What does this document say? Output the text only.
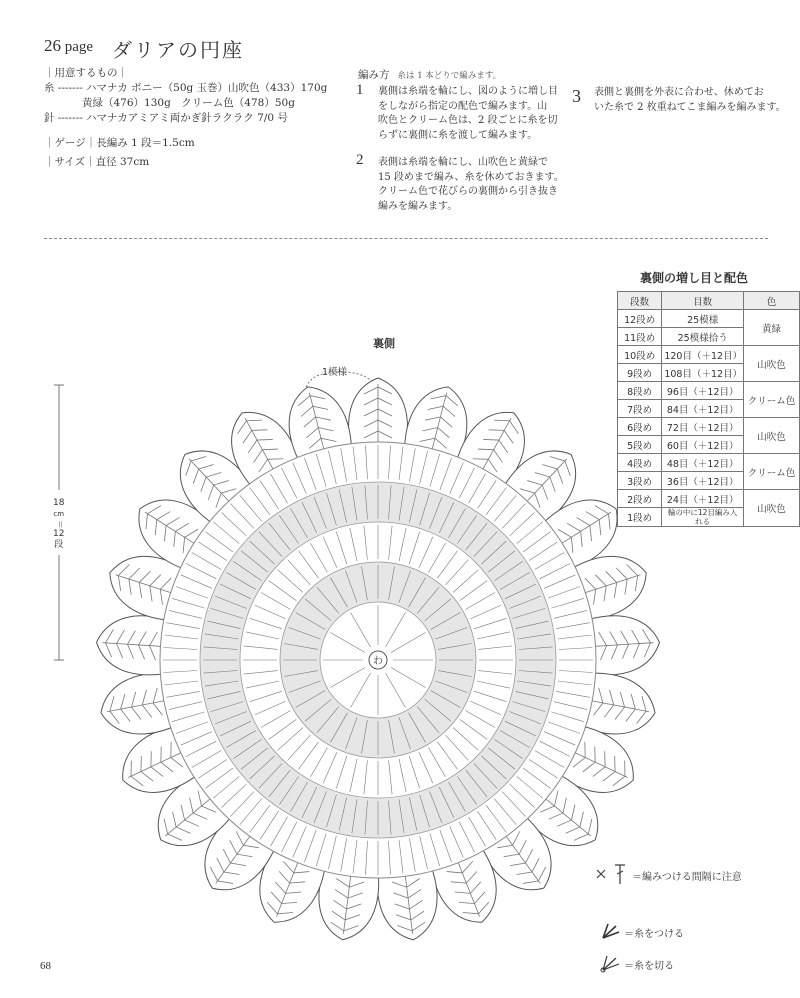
26 page ダリアの円座
｜用意するもの｜
糸 ------- ハマナカ ボニー（50g 玉巻）山吹色（433）170g
黄緑（476）130g　クリーム色（478）50g
針 ------- ハマナカアミアミ両かぎ針ラクラク 7/0 号
｜ゲージ｜長編み 1 段＝1.5cm
｜サイズ｜直径 37cm
編み方 糸は 1 本どりで編みます。
1 裏側は糸端を輪にし、図のように増し目
をしながら指定の配色で編みます。山
吹色とクリーム色は、2 段ごとに糸を切
らずに裏側に糸を渡して編みます。
2 表側は糸端を輪にし、山吹色と黄緑で
15 段めまで編み、糸を休めておきます。
クリーム色で花びらの裏側から引き抜き
編みを編みます。
3 表側と裏側を外表に合わせ、休めてお
いた糸で 2 枚重ねてこま編みを編みます。
裏側の増し目と配色
段数	目数	色
12段め	25模様	黄緑
11段め	25模様拾う	
10段め	120目（＋12目）	山吹色
9段め	108目（＋12目）	
8段め	96目（＋12目）	クリーム色
7段め	84目（＋12目）	
6段め	72目（＋12目）	山吹色
5段め	60目（＋12目）	
4段め	48目（＋12目）	クリーム色
3段め	36目（＋12目）	
2段め	24目（＋12目）	山吹色
1段め	輪の中に12目編み入れる	
裏側
1模様
18
cm
＝
12
段
わ
＝編みつける間隔に注意
＝糸をつける
＝糸を切る
68
